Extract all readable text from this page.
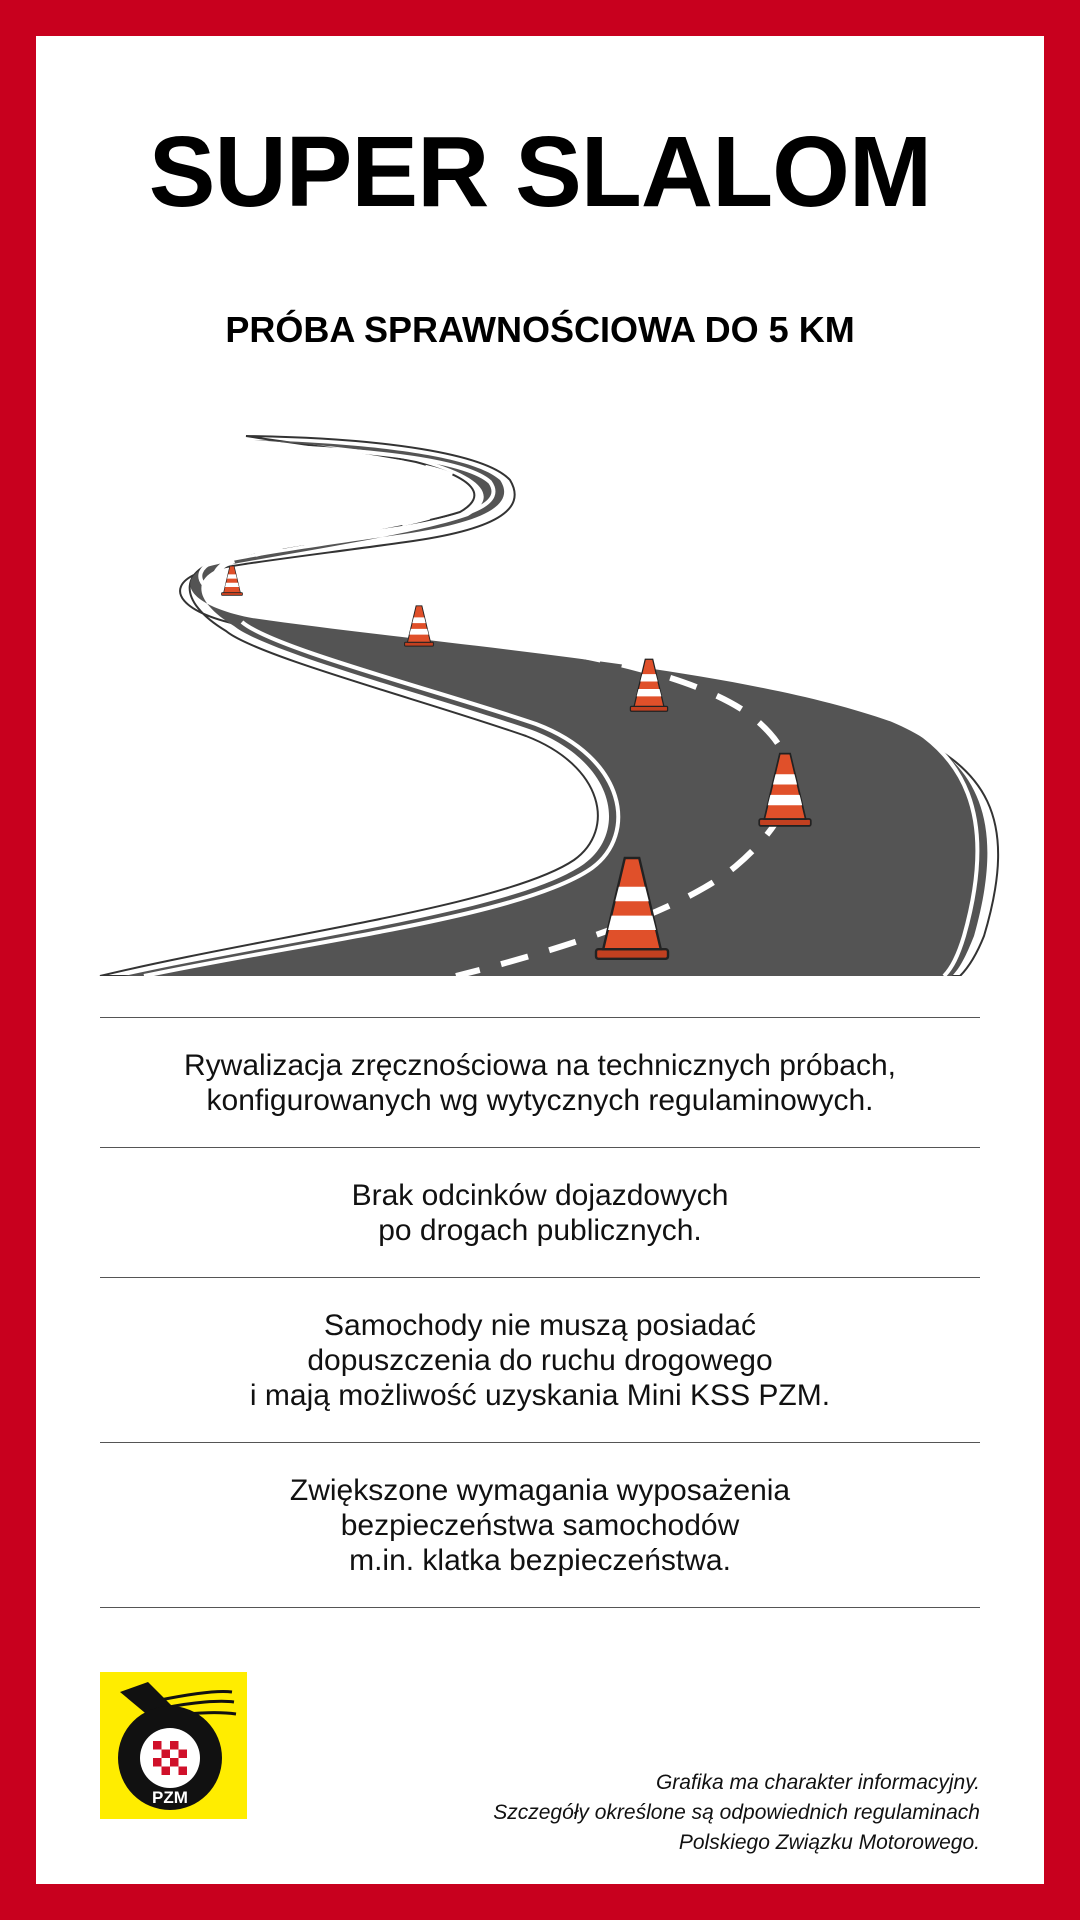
SUPER SLALOM
PRÓBA SPRAWNOŚCIOWA DO 5 KM
Rywalizacja zręcznościowa na technicznych próbach,
konfigurowanych wg wytycznych regulaminowych.
Brak odcinków dojazdowych
po drogach publicznych.
Samochody nie muszą posiadać
dopuszczenia do ruchu drogowego
i mają możliwość uzyskania Mini KSS PZM.
Zwiększone wymagania wyposażenia
bezpieczeństwa samochodów
m.in. klatka bezpieczeństwa.
PZM
Grafika ma charakter informacyjny.
Szczegóły określone są odpowiednich regulaminach
Polskiego Związku Motorowego.
